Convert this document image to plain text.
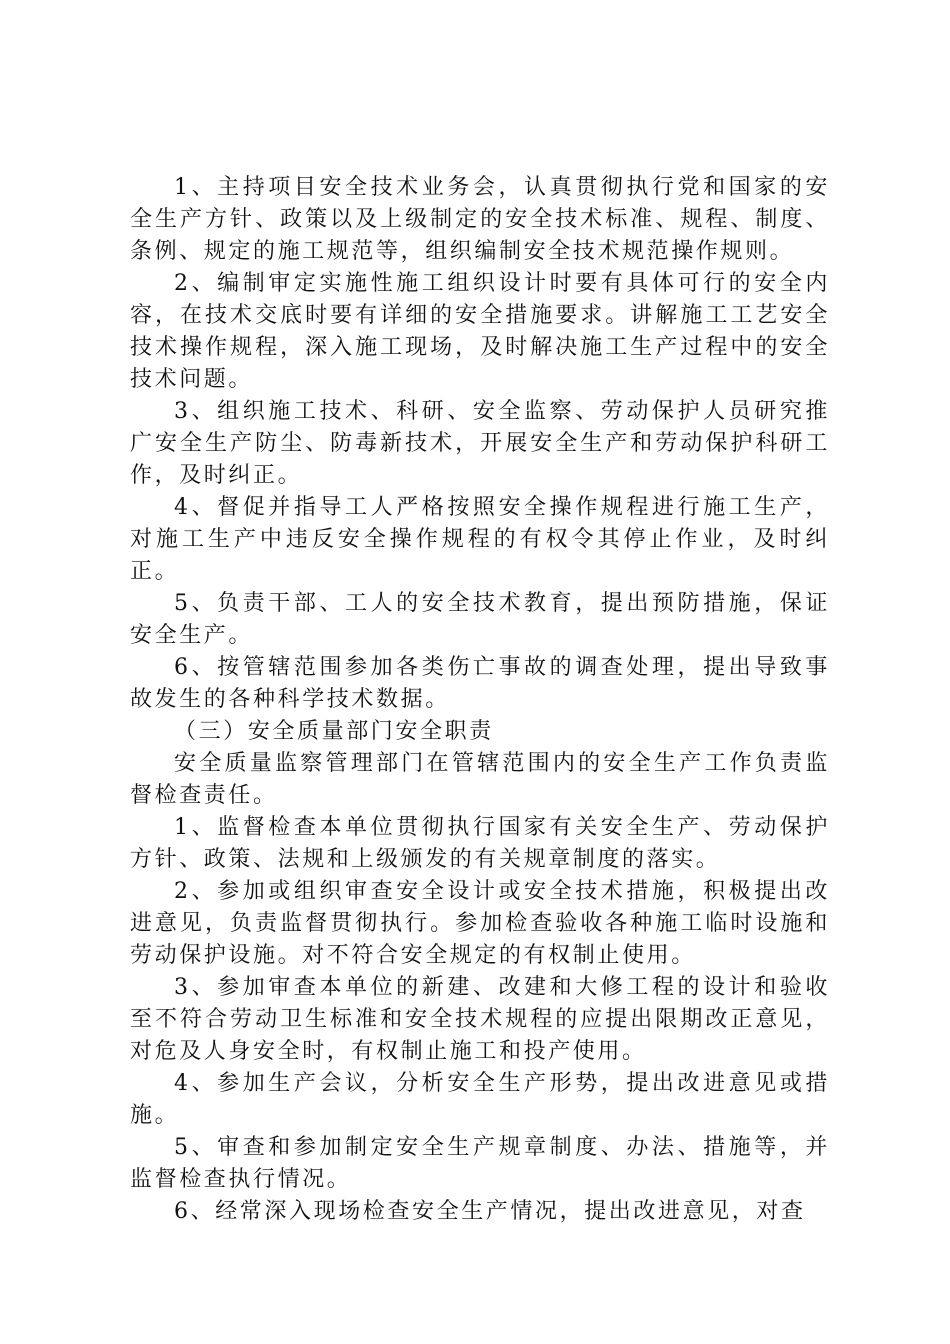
1、主持项目安全技术业务会，认真贯彻执行党和国家的安全生产方针、政策以及上级制定的安全技术标准、规程、制度、条例、规定的施工规范等，组织编制安全技术规范操作规则。

2、编制审定实施性施工组织设计时要有具体可行的安全内容，在技术交底时要有详细的安全措施要求。讲解施工工艺安全技术操作规程，深入施工现场，及时解决施工生产过程中的安全技术问题。

3、组织施工技术、科研、安全监察、劳动保护人员研究推广安全生产防尘、防毒新技术，开展安全生产和劳动保护科研工作，及时纠正。

4、督促并指导工人严格按照安全操作规程进行施工生产，对施工生产中违反安全操作规程的有权令其停止作业，及时纠正。

5、负责干部、工人的安全技术教育，提出预防措施，保证安全生产。

6、按管辖范围参加各类伤亡事故的调查处理，提出导致事故发生的各种科学技术数据。

（三）安全质量部门安全职责

安全质量监察管理部门在管辖范围内的安全生产工作负责监督检查责任。

1、监督检查本单位贯彻执行国家有关安全生产、劳动保护方针、政策、法规和上级颁发的有关规章制度的落实。

2、参加或组织审查安全设计或安全技术措施，积极提出改进意见，负责监督贯彻执行。参加检查验收各种施工临时设施和劳动保护设施。对不符合安全规定的有权制止使用。

3、参加审查本单位的新建、改建和大修工程的设计和验收至不符合劳动卫生标准和安全技术规程的应提出限期改正意见，对危及人身安全时，有权制止施工和投产使用。

4、参加生产会议，分析安全生产形势，提出改进意见或措施。

5、审查和参加制定安全生产规章制度、办法、措施等，并监督检查执行情况。

6、经常深入现场检查安全生产情况，提出改进意见，对查
